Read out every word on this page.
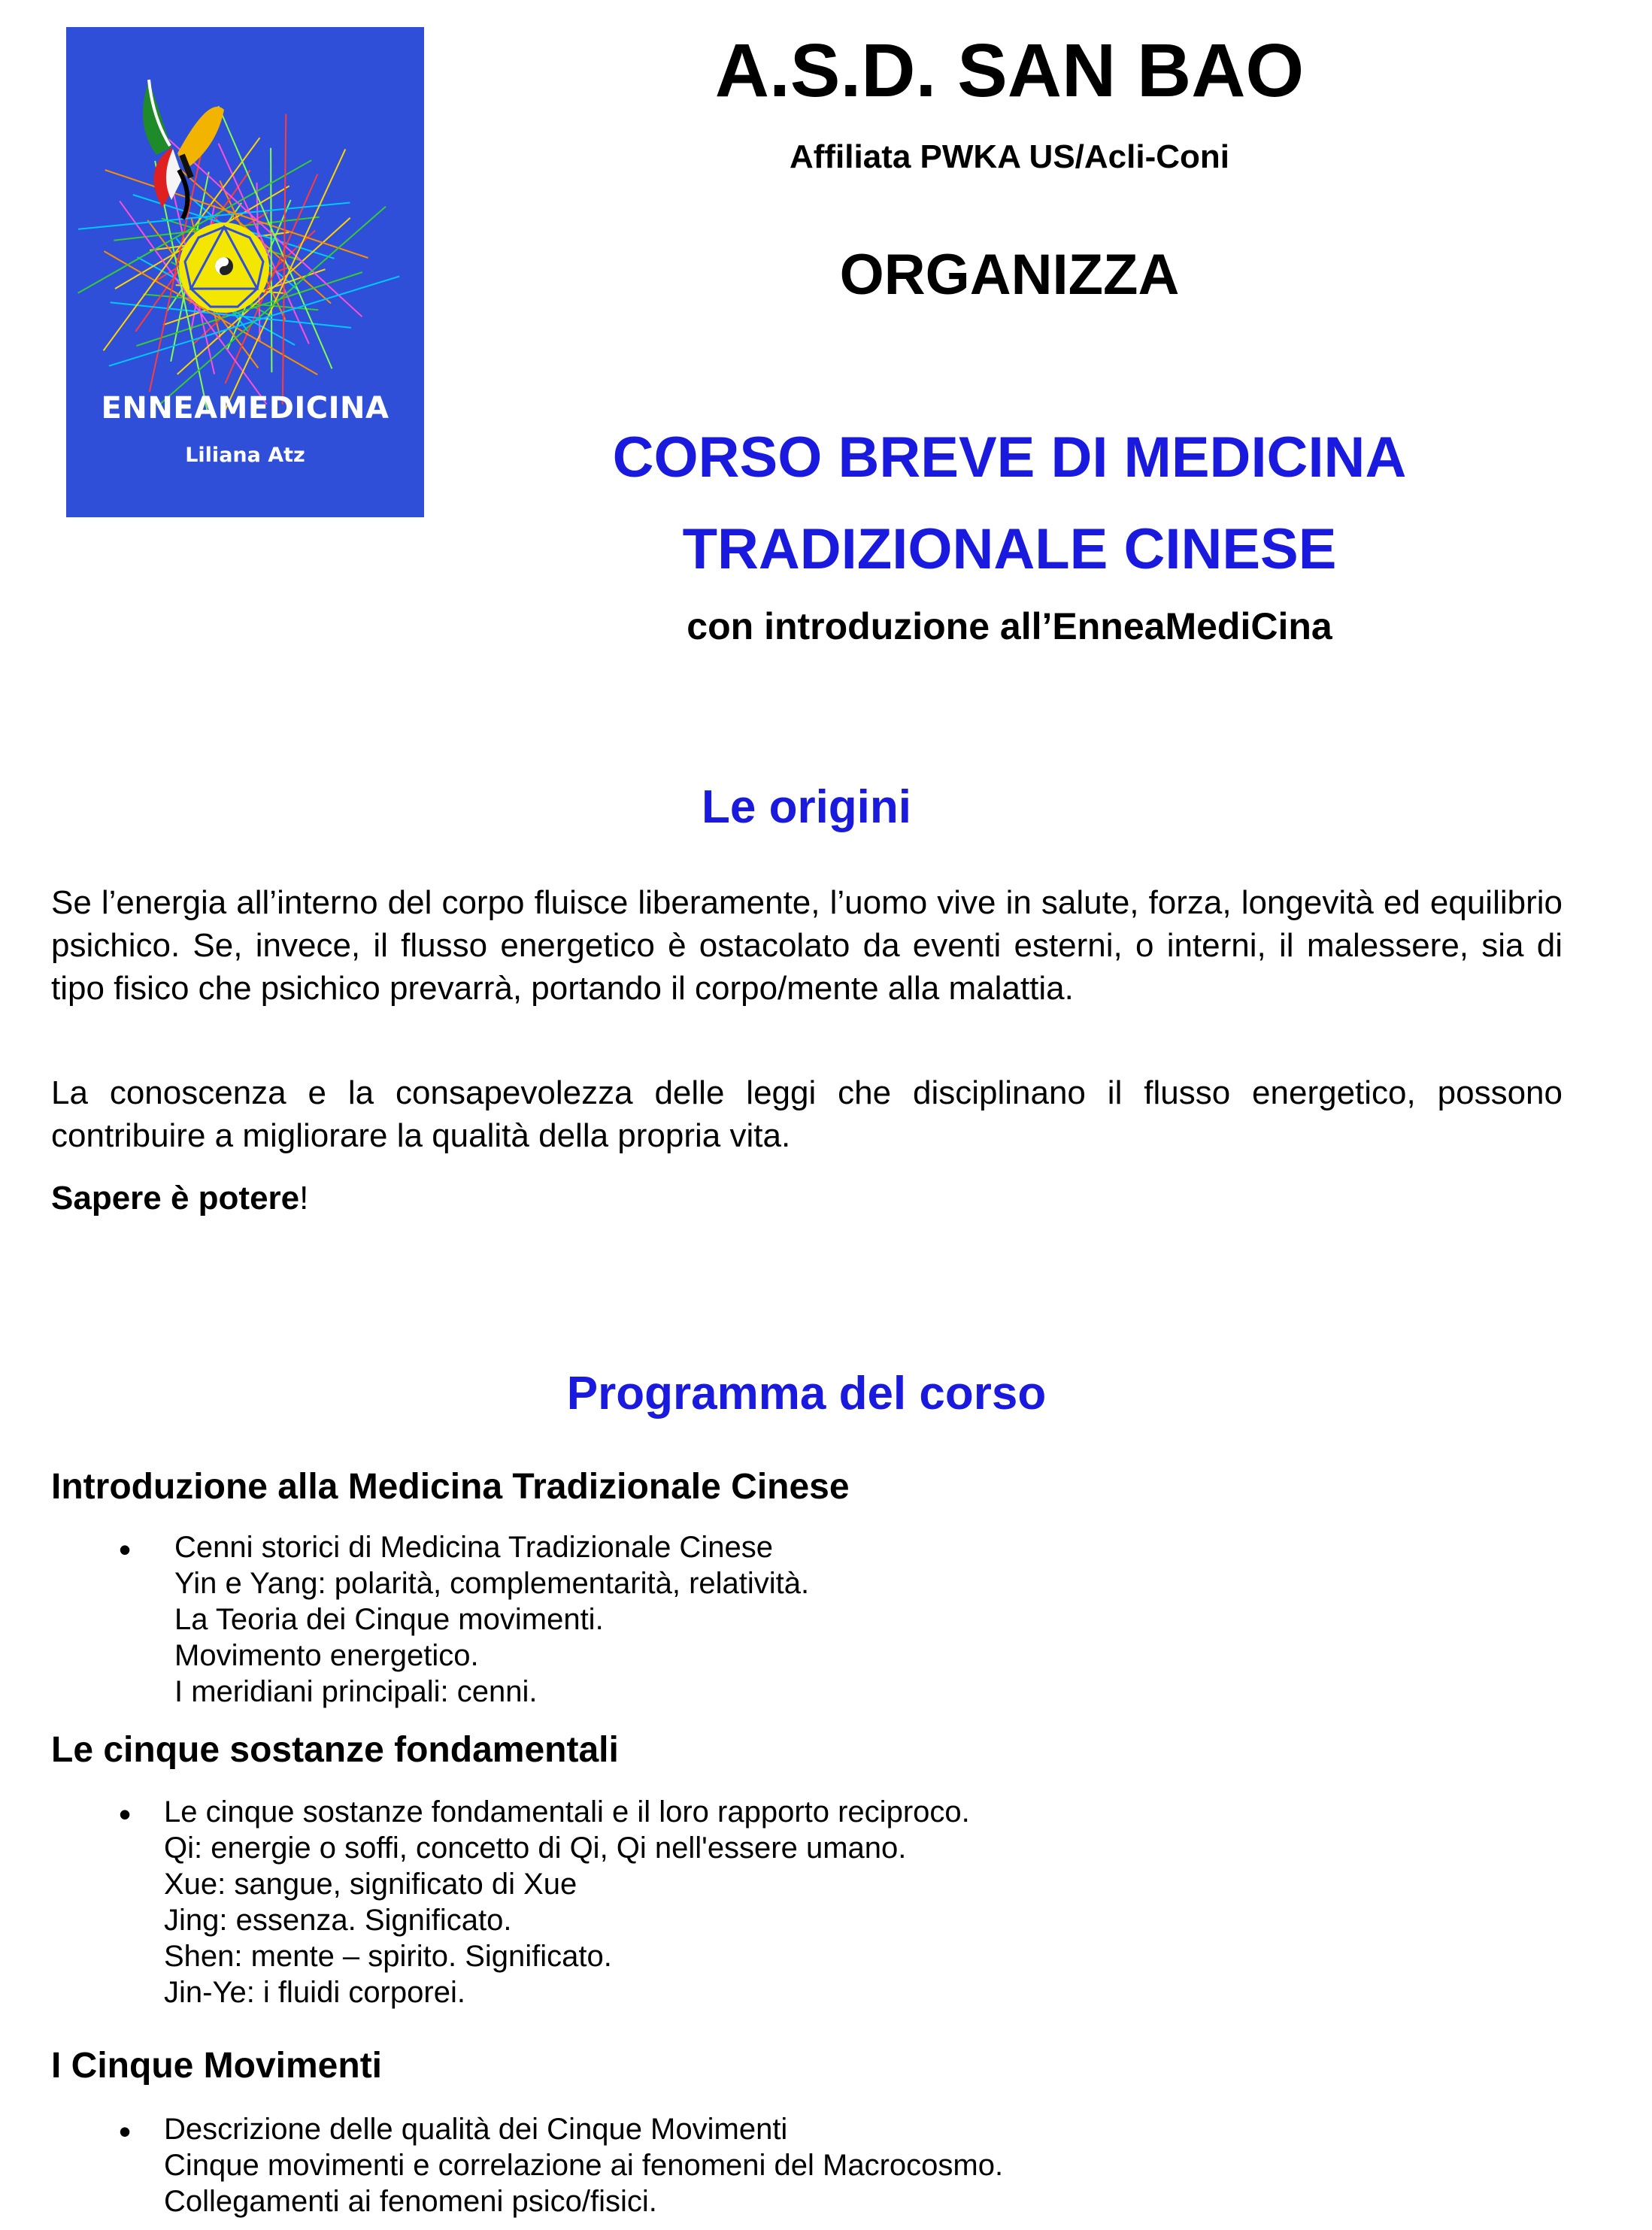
ENNEAMEDICINA
Liliana Atz
A.S.D. SAN BAO
Affiliata PWKA US/Acli-Coni
ORGANIZZA
CORSO BREVE DI MEDICINA
TRADIZIONALE CINESE
con introduzione all’EnneaMediCina
Le origini
Se l’energia all’interno del corpo fluisce liberamente, l’uomo vive in salute, forza, longevità ed equilibrio psichico. Se, invece, il flusso energetico è ostacolato da eventi esterni, o interni, il malessere, sia di tipo fisico che psichico prevarrà, portando il corpo/mente alla malattia.
La conoscenza e la consapevolezza delle leggi che disciplinano il flusso energetico, possono contribuire a migliorare la qualità della propria vita.
Sapere è potere!
Programma del corso
Introduzione alla Medicina Tradizionale Cinese
• Cenni storici di Medicina Tradizionale Cinese
Yin e Yang: polarità, complementarità, relatività.
La Teoria dei Cinque movimenti.
Movimento energetico.
I meridiani principali: cenni.
Le cinque sostanze fondamentali
• Le cinque sostanze fondamentali e il loro rapporto reciproco.
Qi: energie o soffi, concetto di Qi, Qi nell'essere umano.
Xue: sangue, significato di Xue
Jing: essenza. Significato.
Shen: mente – spirito. Significato.
Jin-Ye: i fluidi corporei.
I Cinque Movimenti
• Descrizione delle qualità dei Cinque Movimenti
Cinque movimenti e correlazione ai fenomeni del Macrocosmo.
Collegamenti ai fenomeni psico/fisici.
